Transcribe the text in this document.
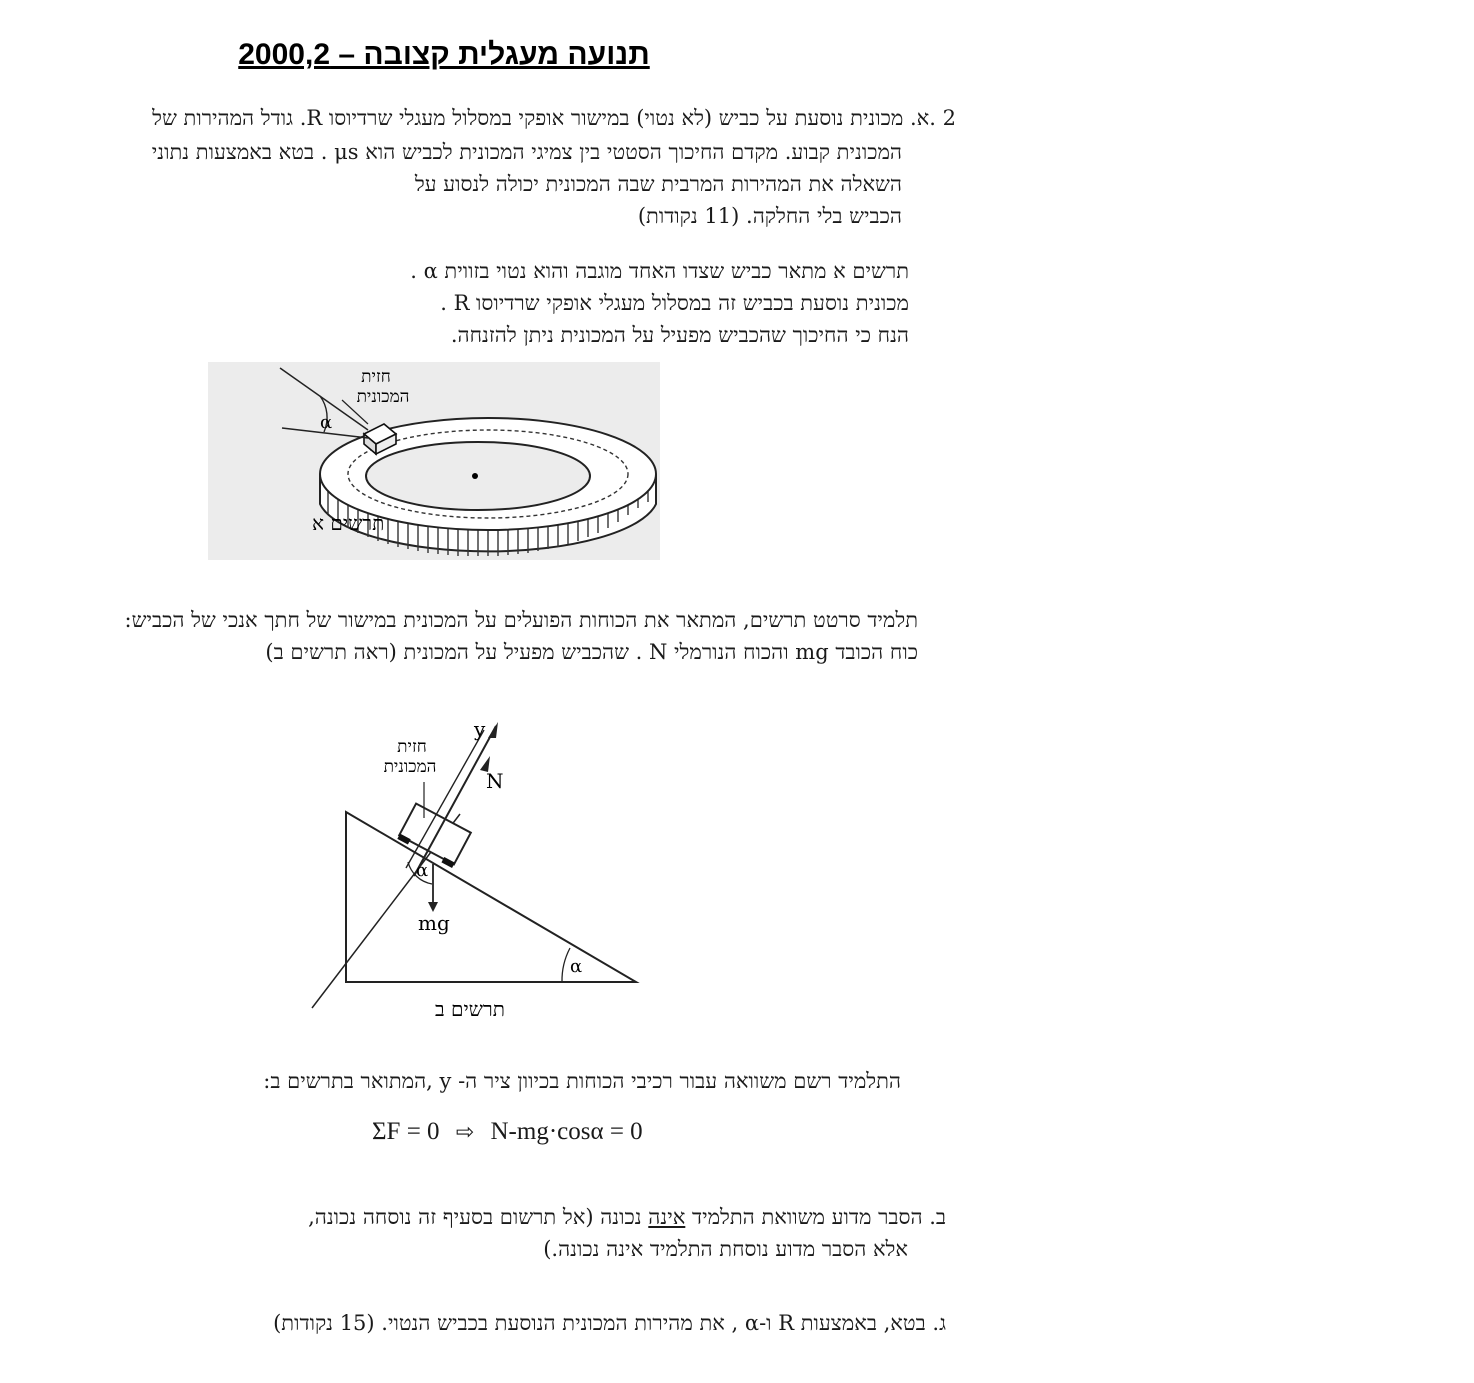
תנועה מעגלית קצובה – 2000,2
2 .א. מכונית נוסעת על כביש (לא נטוי) במישור אופקי במסלול מעגלי שרדיוסו R. גודל המהירות של
המכונית קבוע. מקדם החיכוך הסטטי בין צמיגי המכונית לכביש הוא μs . בטא באמצעות נתוני
השאלה את המהירות המרבית שבה המכונית יכולה לנסוע על
הכביש בלי החלקה. (11 נקודות)
תרשים א מתאר כביש שצדו האחד מוגבה והוא נטוי בזווית α .
מכונית נוסעת בכביש זה במסלול מעגלי אופקי שרדיוסו R .
הנח כי החיכוך שהכביש מפעיל על המכונית ניתן להזנחה.
α
חזית
המכונית
תרשים א
תלמיד סרטט תרשים, המתאר את הכוחות הפועלים על המכונית במישור של חתך אנכי של הכביש:
כוח הכובד mg והכוח הנורמלי N . שהכביש מפעיל על המכונית (ראה תרשים ב)
חזית
המכונית
y
N
mg
α
α
תרשים ב
התלמיד רשם משוואה עבור רכיבי הכוחות בכיוון ציר ה- y ,המתואר בתרשים ב:
ΣF = 0 ⇨ N-mg·cosα = 0
ב. הסבר מדוע משוואת התלמיד אינה נכונה (אל תרשום בסעיף זה נוסחה נכונה,
אלא הסבר מדוע נוסחת התלמיד אינה נכונה.)
ג. בטא, באמצעות R ו-α , את מהירות המכונית הנוסעת בכביש הנטוי. (15 נקודות)
